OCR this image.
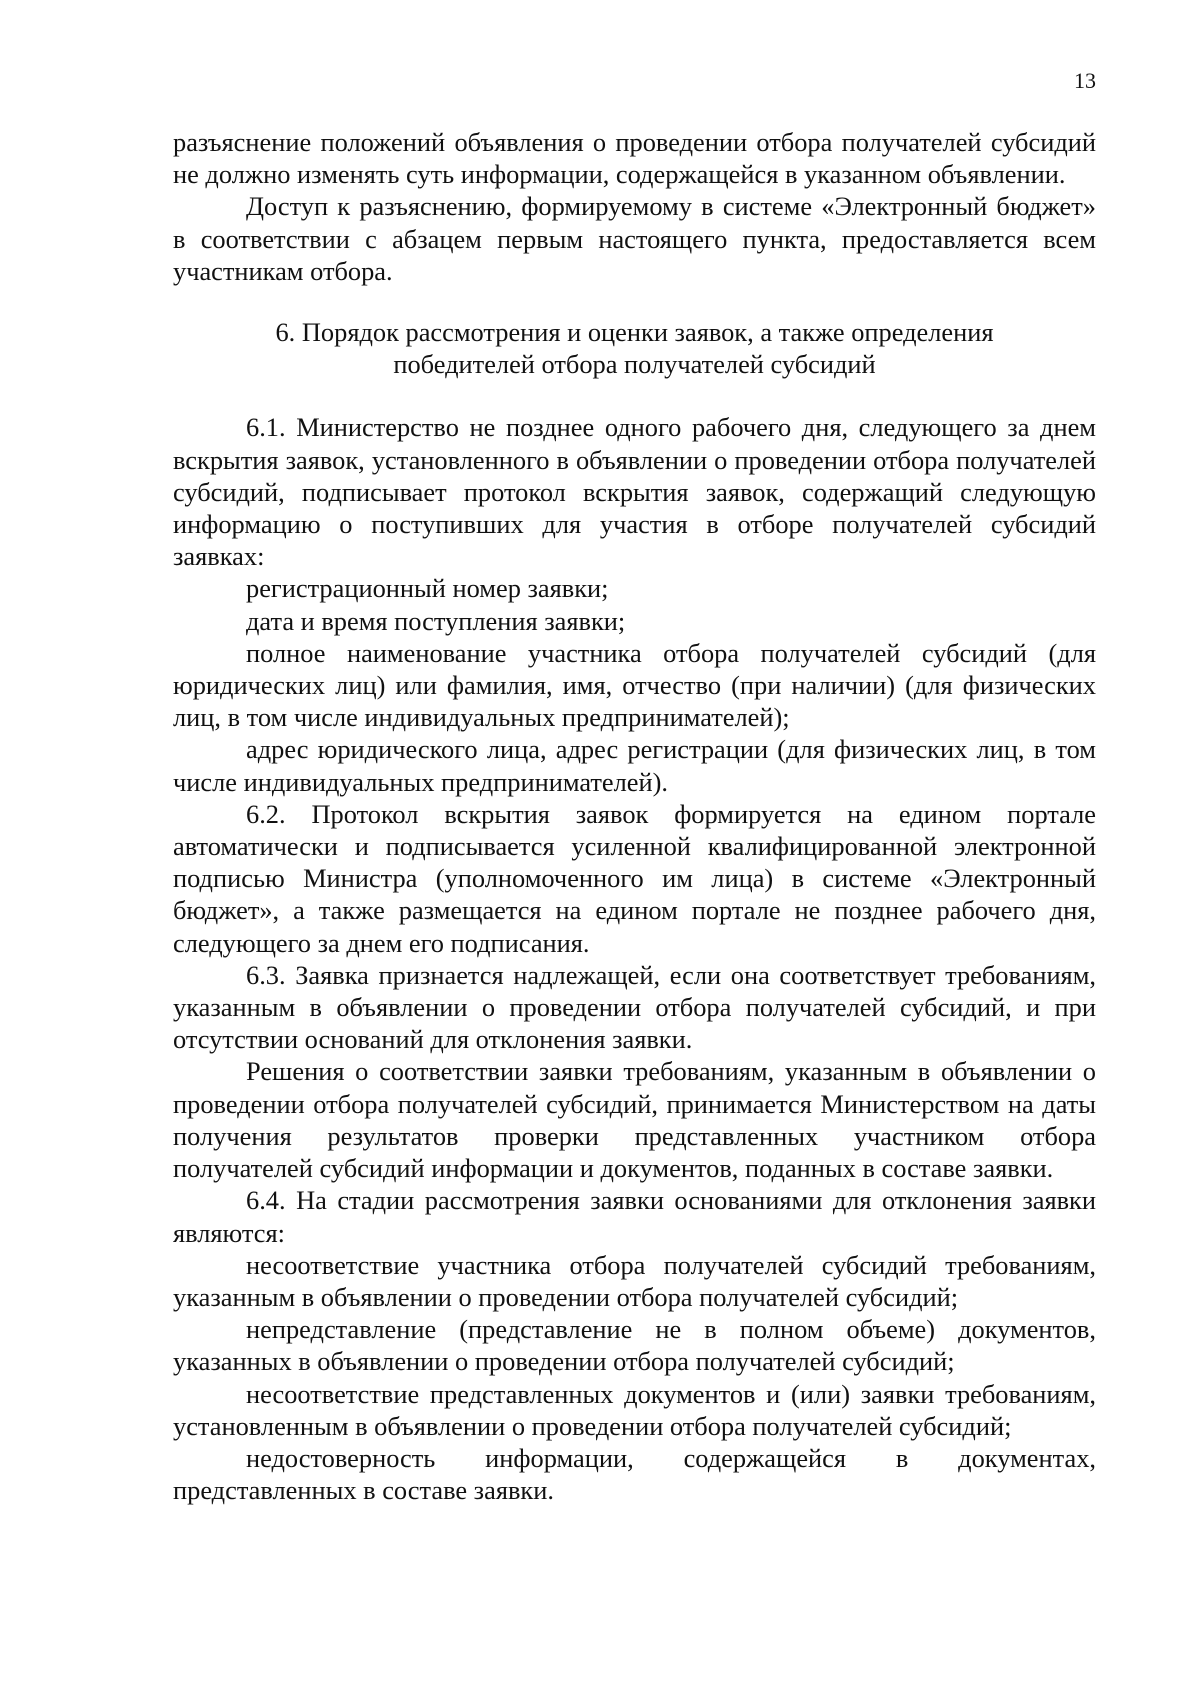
13

разъяснение положений объявления о проведении отбора получателей субсидий не должно изменять суть информации, содержащейся в указанном объявлении.

Доступ к разъяснению, формируемому в системе «Электронный бюджет» в соответствии с абзацем первым настоящего пункта, предоставляется всем участникам отбора.

6. Порядок рассмотрения и оценки заявок, а также определения
победителей отбора получателей субсидий

6.1. Министерство не позднее одного рабочего дня, следующего за днем вскрытия заявок, установленного в объявлении о проведении отбора получателей субсидий, подписывает протокол вскрытия заявок, содержащий следующую информацию о поступивших для участия в отборе получателей субсидий заявках:

регистрационный номер заявки;

дата и время поступления заявки;

полное наименование участника отбора получателей субсидий (для юридических лиц) или фамилия, имя, отчество (при наличии) (для физических лиц, в том числе индивидуальных предпринимателей);

адрес юридического лица, адрес регистрации (для физических лиц, в том числе индивидуальных предпринимателей).

6.2. Протокол вскрытия заявок формируется на едином портале автоматически и подписывается усиленной квалифицированной электронной подписью Министра (уполномоченного им лица) в системе «Электронный бюджет», а также размещается на едином портале не позднее рабочего дня, следующего за днем его подписания.

6.3. Заявка признается надлежащей, если она соответствует требованиям, указанным в объявлении о проведении отбора получателей субсидий, и при отсутствии оснований для отклонения заявки.

Решения о соответствии заявки требованиям, указанным в объявлении о проведении отбора получателей субсидий, принимается Министерством на даты получения результатов проверки представленных участником отбора получателей субсидий информации и документов, поданных в составе заявки.

6.4. На стадии рассмотрения заявки основаниями для отклонения заявки являются:

несоответствие участника отбора получателей субсидий требованиям, указанным в объявлении о проведении отбора получателей субсидий;

непредставление (представление не в полном объеме) документов, указанных в объявлении о проведении отбора получателей субсидий;

несоответствие представленных документов и (или) заявки требованиям, установленным в объявлении о проведении отбора получателей субсидий;

недостоверность информации, содержащейся в документах, представленных в составе заявки.
